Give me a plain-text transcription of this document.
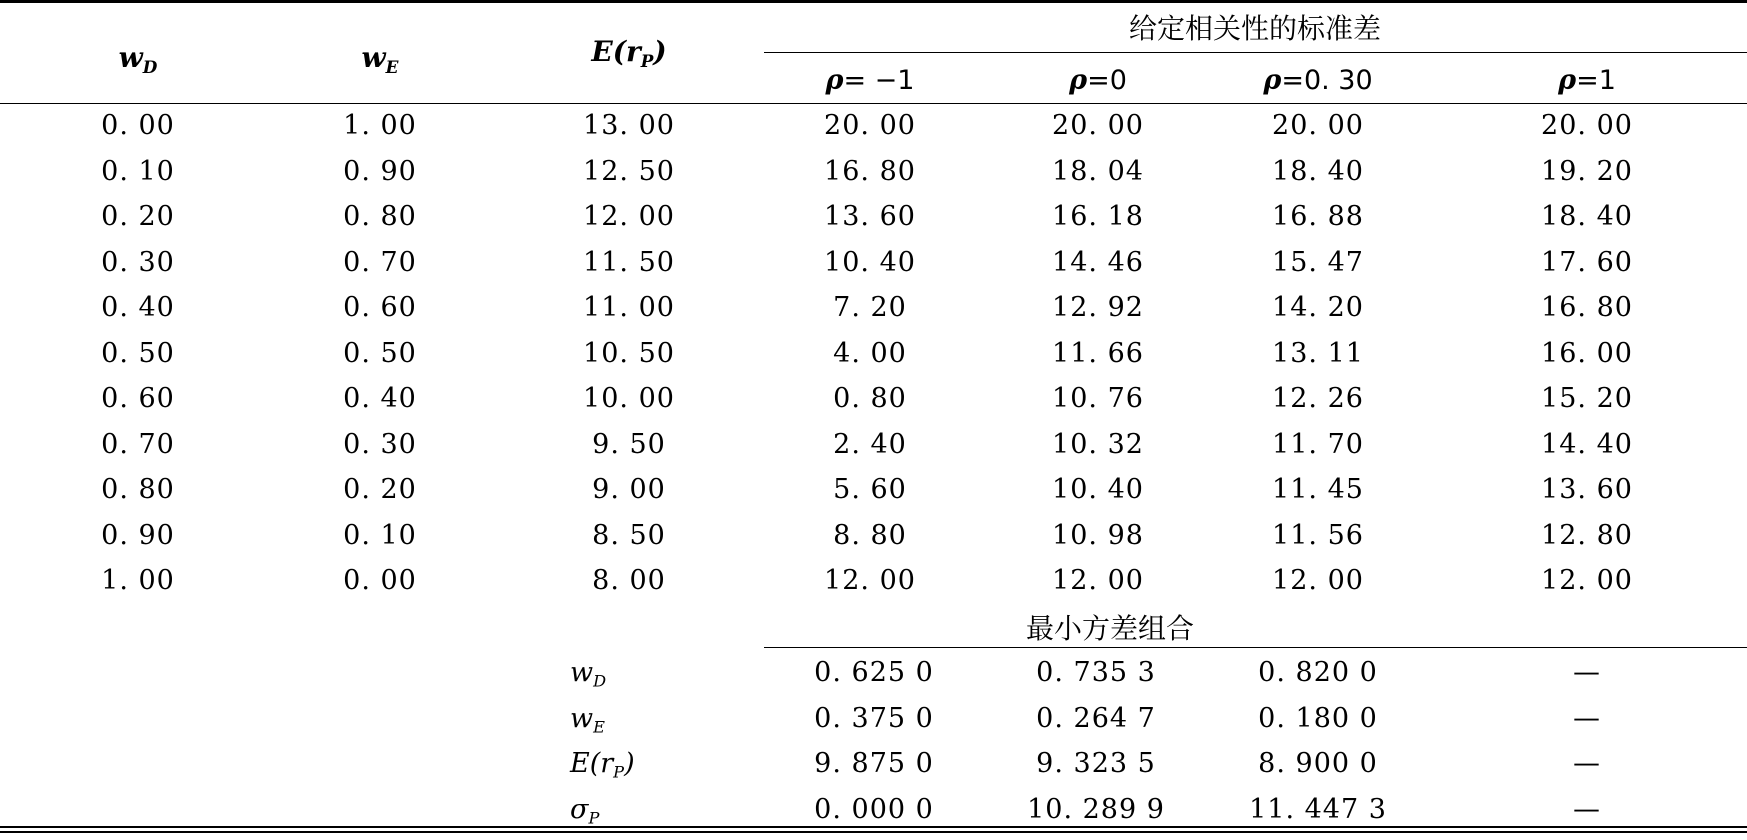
$w_D$	$w_E$	$E(r_P)$
给定相关性的标准差
ρ= −1	ρ=0	ρ=0. 30	ρ=1
0. 00	1. 00	13. 00	20. 00	20. 00	20. 00	20. 00
0. 10	0. 90	12. 50	16. 80	18. 04	18. 40	19. 20
0. 20	0. 80	12. 00	13. 60	16. 18	16. 88	18. 40
0. 30	0. 70	11. 50	10. 40	14. 46	15. 47	17. 60
0. 40	0. 60	11. 00	7. 20	12. 92	14. 20	16. 80
0. 50	0. 50	10. 50	4. 00	11. 66	13. 11	16. 00
0. 60	0. 40	10. 00	0. 80	10. 76	12. 26	15. 20
0. 70	0. 30	9. 50	2. 40	10. 32	11. 70	14. 40
0. 80	0. 20	9. 00	5. 60	10. 40	11. 45	13. 60
0. 90	0. 10	8. 50	8. 80	10. 98	11. 56	12. 80
1. 00	0. 00	8. 00	12. 00	12. 00	12. 00	12. 00
最小方差组合
$w_D$	0. 625 0	0. 735 3	0. 820 0	—
$w_E$	0. 375 0	0. 264 7	0. 180 0	—
$E(r_P)$	9. 875 0	9. 323 5	8. 900 0	—
$\sigma_P$	0. 000 0	10. 289 9	11. 447 3	—
